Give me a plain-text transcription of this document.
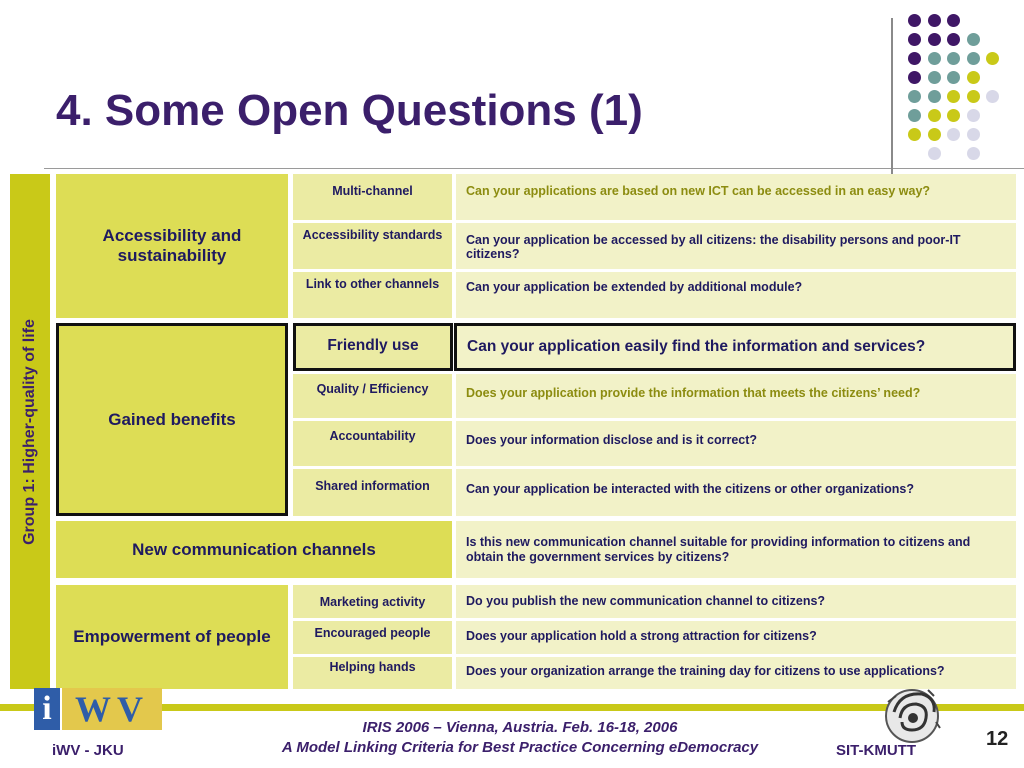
4. Some Open Questions (1)
Group 1: Higher-quality of life
Accessibility and sustainability
Multi-channel	Can your applications are based on new ICT can be accessed in an easy way?
Accessibility standards	Can your application be accessed by all citizens: the disability persons and poor-IT citizens?
Link to other channels	Can your application be extended by additional module?
Gained benefits
Friendly use	Can your application easily find the information and services?
Quality / Efficiency	Does your application provide the information that meets the citizens’ need?
Accountability	Does your information disclose and is it correct?
Shared information	Can your application be interacted with the citizens or other organizations?
New communication channels	Is this new communication channel suitable for providing information to citizens and obtain the government services by citizens?
Empowerment of people
Marketing activity	Do you publish the new communication channel to citizens?
Encouraged people	Does your application hold a strong attraction for citizens?
Helping hands	Does your organization arrange the training day for citizens to use applications?
i WV	IRIS 2006 – Vienna, Austria. Feb. 16-18, 2006
A Model Linking Criteria for Best Practice Concerning eDemocracy
iWV - JKU	SIT-KMUTT
12
